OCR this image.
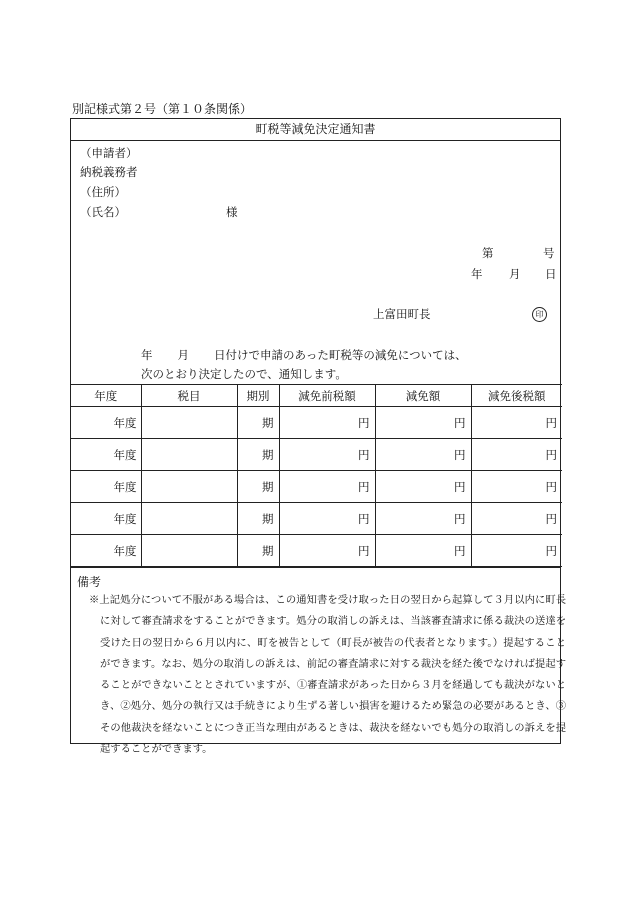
別記様式第２号（第１０条関係）
町税等減免決定通知書
（申請者）
納税義務者
（住所）
（氏名）	様
第	号
年 月 日
上富田町長	印
年 月 日付けで申請のあった町税等の減免については、
次のとおり決定したので、通知します。
年度	税目	期別	減免前税額	減免額	減免後税額
年度		期	円	円	円
年度		期	円	円	円
年度		期	円	円	円
年度		期	円	円	円
年度		期	円	円	円
備考
※上記処分について不服がある場合は、この通知書を受け取った日の翌日から起算して３月以内に町長に対して審査請求をすることができます。処分の取消しの訴えは、当該審査請求に係る裁決の送達を受けた日の翌日から６月以内に、町を被告として（町長が被告の代表者となります。）提起することができます。なお、処分の取消しの訴えは、前記の審査請求に対する裁決を経た後でなければ提起することができないこととされていますが、①審査請求があった日から３月を経過しても裁決がないとき、②処分、処分の執行又は手続きにより生ずる著しい損害を避けるため緊急の必要があるとき、③その他裁決を経ないことにつき正当な理由があるときは、裁決を経ないでも処分の取消しの訴えを提起することができます。
